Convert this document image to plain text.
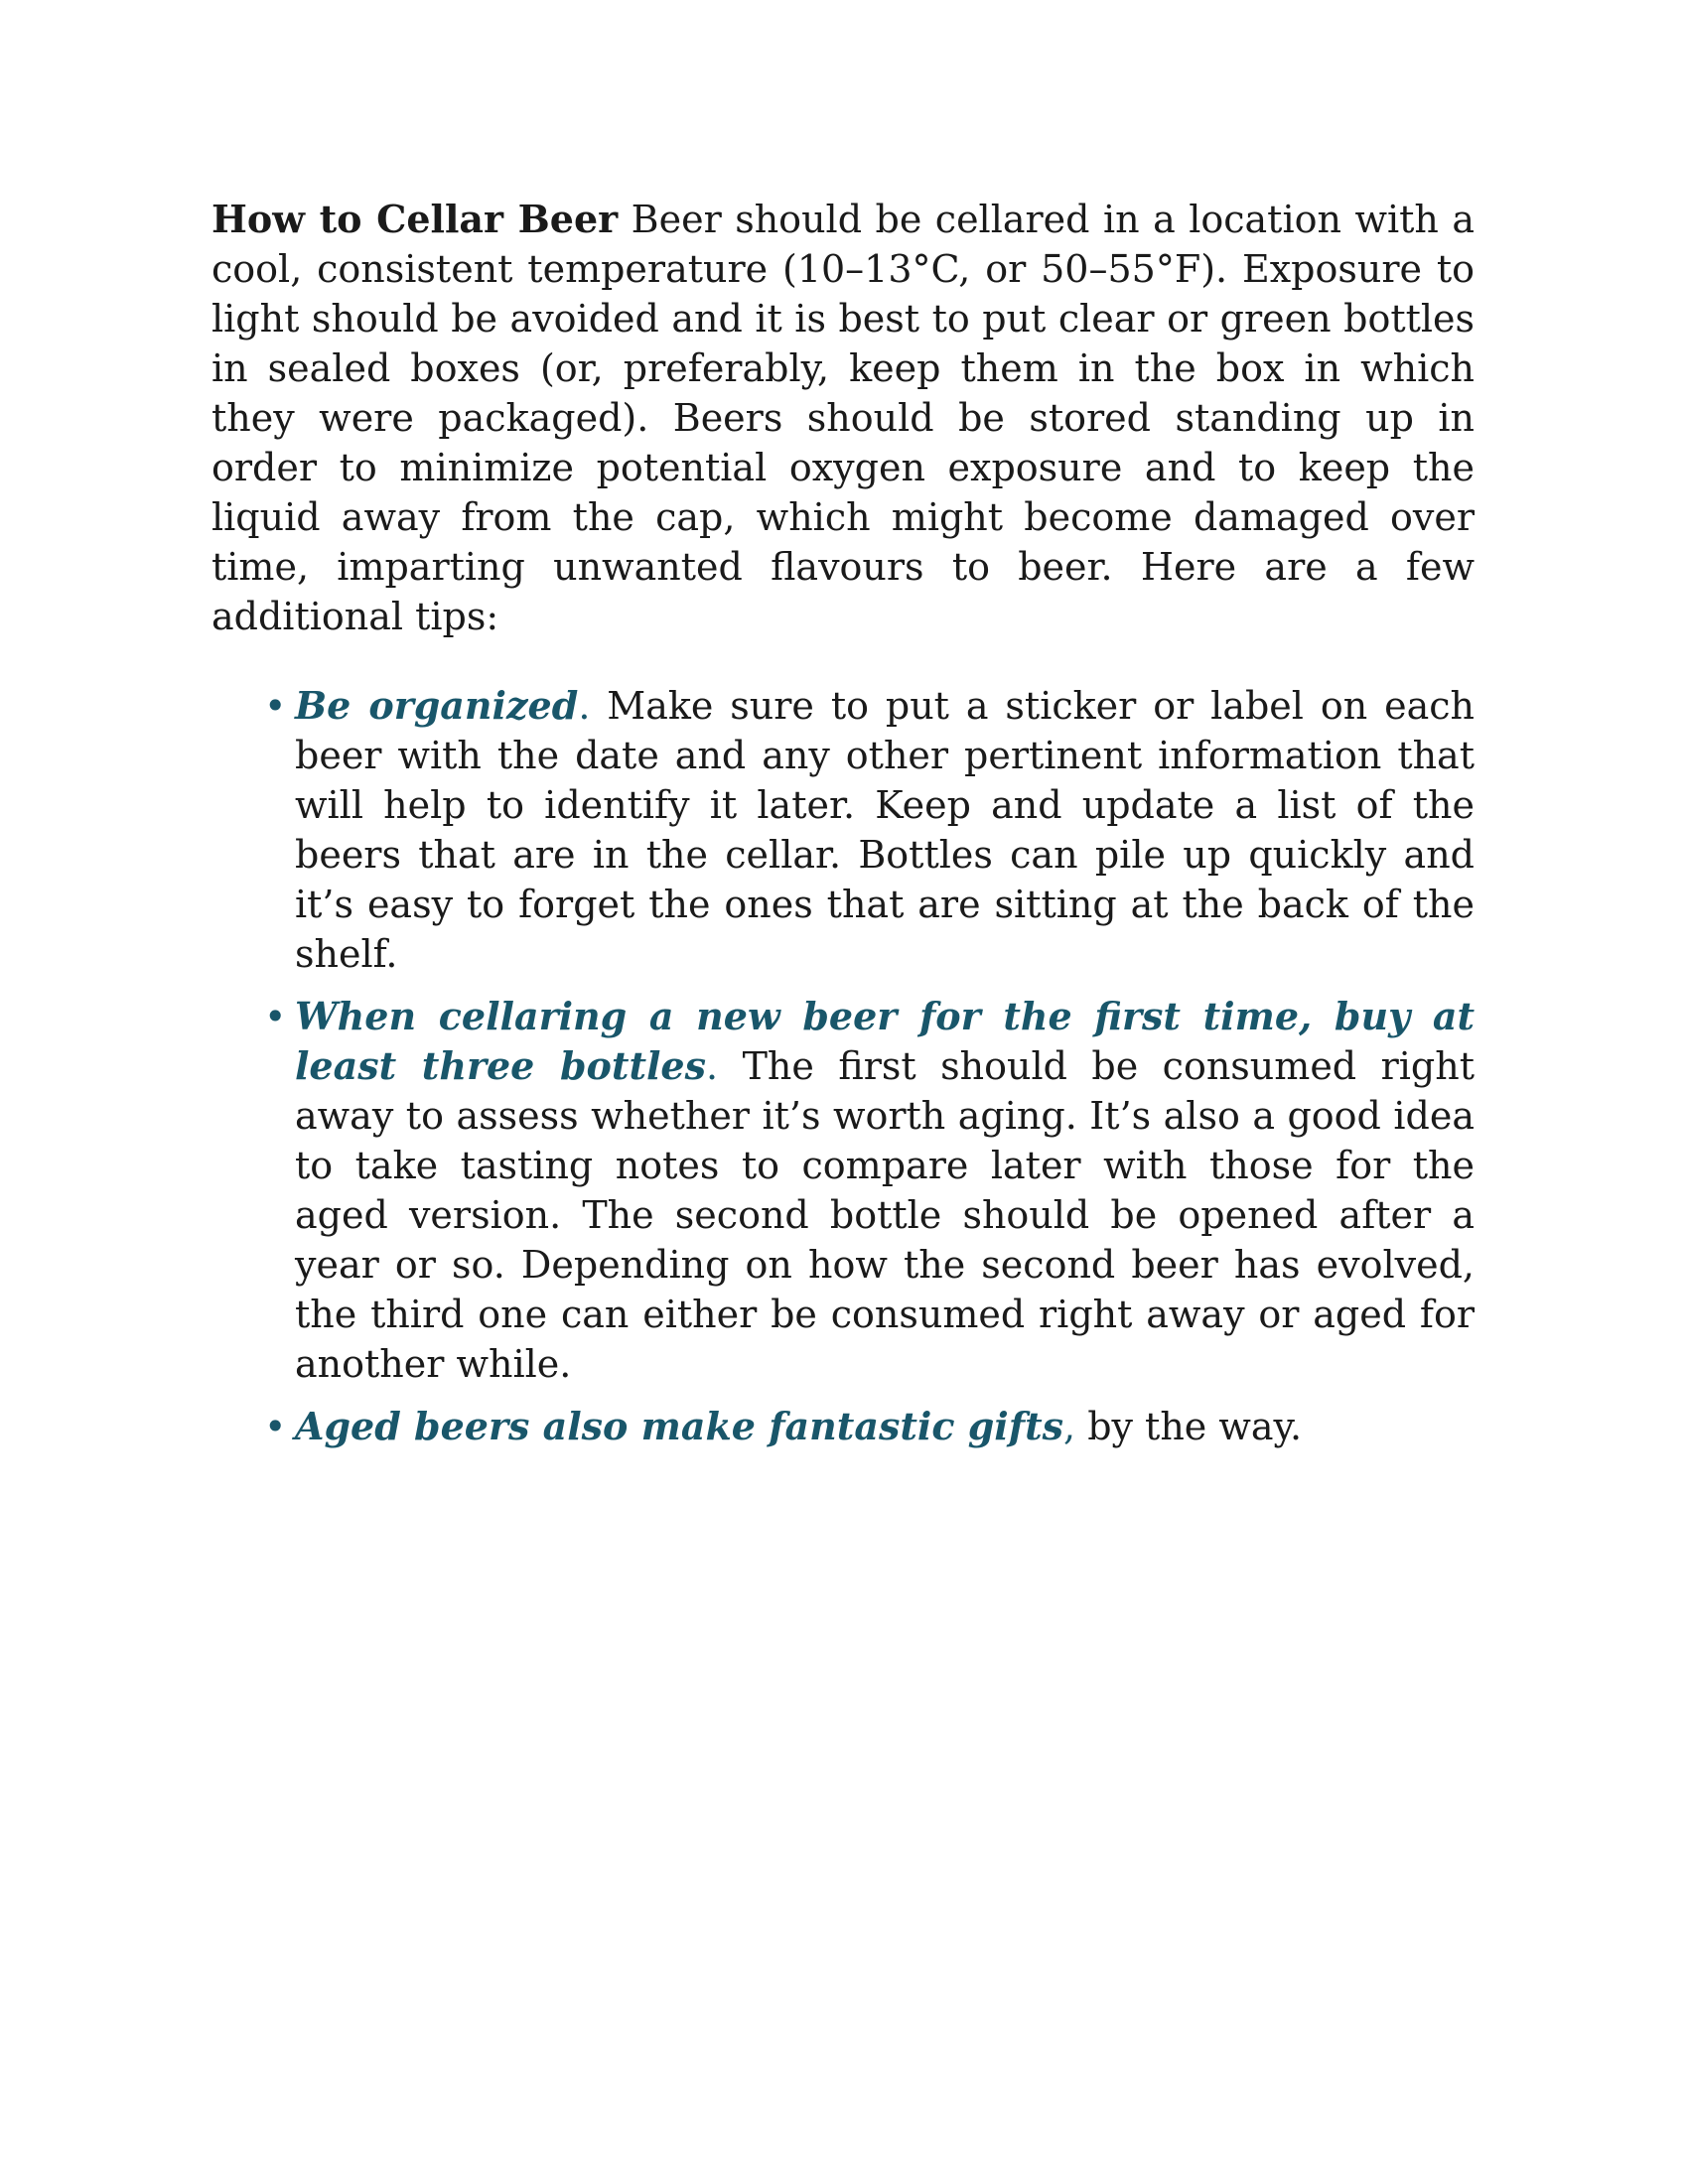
How to Cellar Beer Beer should be cellared in a location with a cool, consistent temperature (10–13°C, or 50–55°F). Exposure to light should be avoided and it is best to put clear or green bottles in sealed boxes (or, preferably, keep them in the box in which they were packaged). Beers should be stored standing up in order to minimize potential oxygen exposure and to keep the liquid away from the cap, which might become damaged over time, imparting unwanted flavours to beer. Here are a few additional tips:

• Be organized. Make sure to put a sticker or label on each beer with the date and any other pertinent information that will help to identify it later. Keep and update a list of the beers that are in the cellar. Bottles can pile up quickly and it’s easy to forget the ones that are sitting at the back of the shelf.
• When cellaring a new beer for the first time, buy at least three bottles. The first should be consumed right away to assess whether it’s worth aging. It’s also a good idea to take tasting notes to compare later with those for the aged version. The second bottle should be opened after a year or so. Depending on how the second beer has evolved, the third one can either be consumed right away or aged for another while.
• Aged beers also make fantastic gifts, by the way.
